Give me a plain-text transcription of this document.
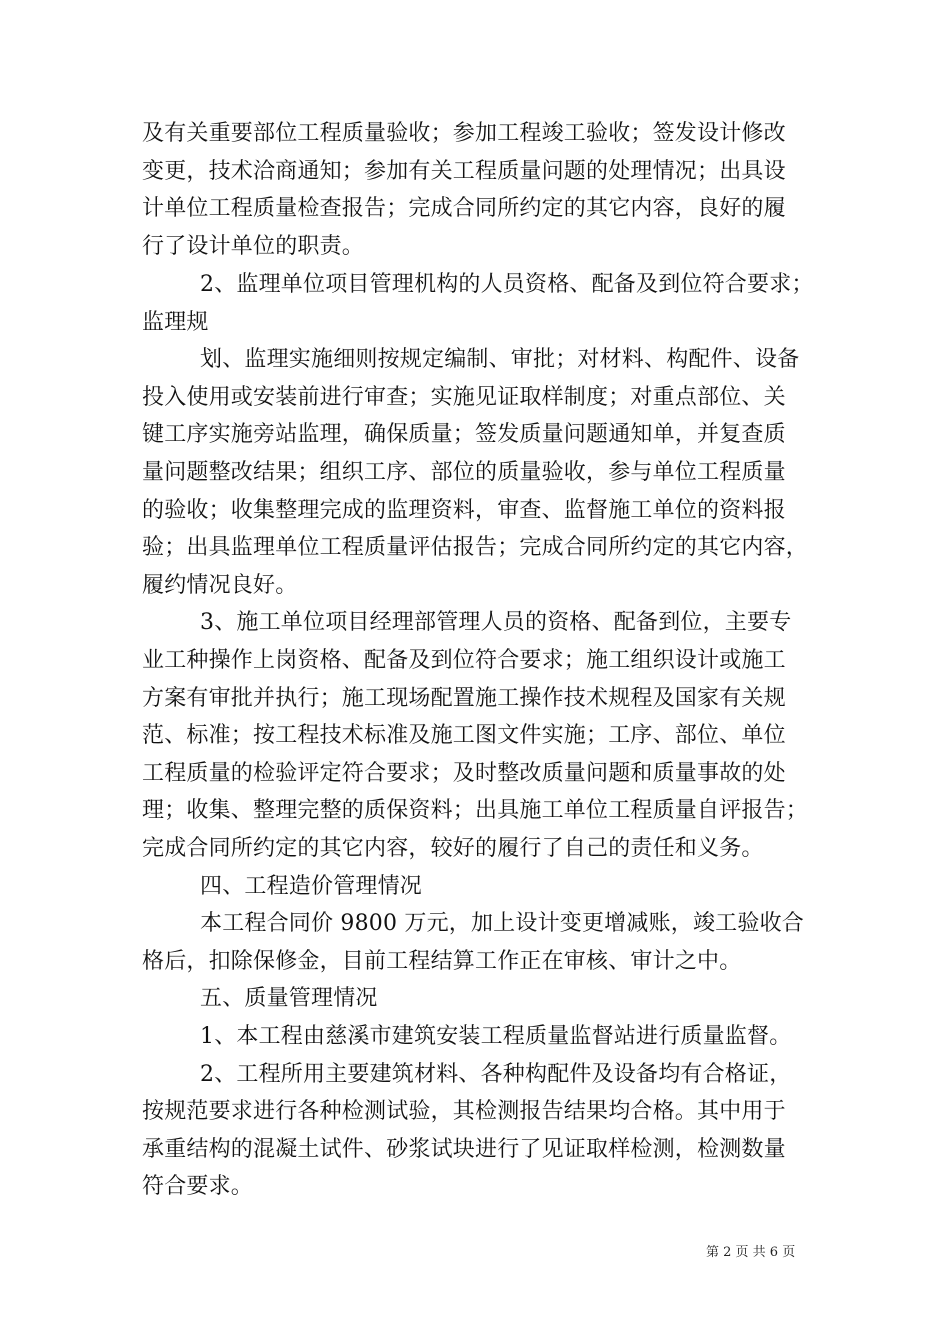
及有关重要部位工程质量验收；参加工程竣工验收；签发设计修改
变更，技术洽商通知；参加有关工程质量问题的处理情况；出具设
计单位工程质量检查报告；完成合同所约定的其它内容，良好的履
行了设计单位的职责。
2、监理单位项目管理机构的人员资格、配备及到位符合要求；
监理规
划、监理实施细则按规定编制、审批；对材料、构配件、设备
投入使用或安装前进行审查；实施见证取样制度；对重点部位、关
键工序实施旁站监理，确保质量；签发质量问题通知单，并复查质
量问题整改结果；组织工序、部位的质量验收，参与单位工程质量
的验收；收集整理完成的监理资料，审查、监督施工单位的资料报
验；出具监理单位工程质量评估报告；完成合同所约定的其它内容，
履约情况良好。
3、施工单位项目经理部管理人员的资格、配备到位，主要专
业工种操作上岗资格、配备及到位符合要求；施工组织设计或施工
方案有审批并执行；施工现场配置施工操作技术规程及国家有关规
范、标准；按工程技术标准及施工图文件实施；工序、部位、单位
工程质量的检验评定符合要求；及时整改质量问题和质量事故的处
理；收集、整理完整的质保资料；出具施工单位工程质量自评报告；
完成合同所约定的其它内容，较好的履行了自己的责任和义务。
四、工程造价管理情况
本工程合同价 9800 万元，加上设计变更增减账，竣工验收合
格后，扣除保修金，目前工程结算工作正在审核、审计之中。
五、质量管理情况
1、本工程由慈溪市建筑安装工程质量监督站进行质量监督。
2、工程所用主要建筑材料、各种构配件及设备均有合格证，
按规范要求进行各种检测试验，其检测报告结果均合格。其中用于
承重结构的混凝土试件、砂浆试块进行了见证取样检测，检测数量
符合要求。
第 2 页 共 6 页
